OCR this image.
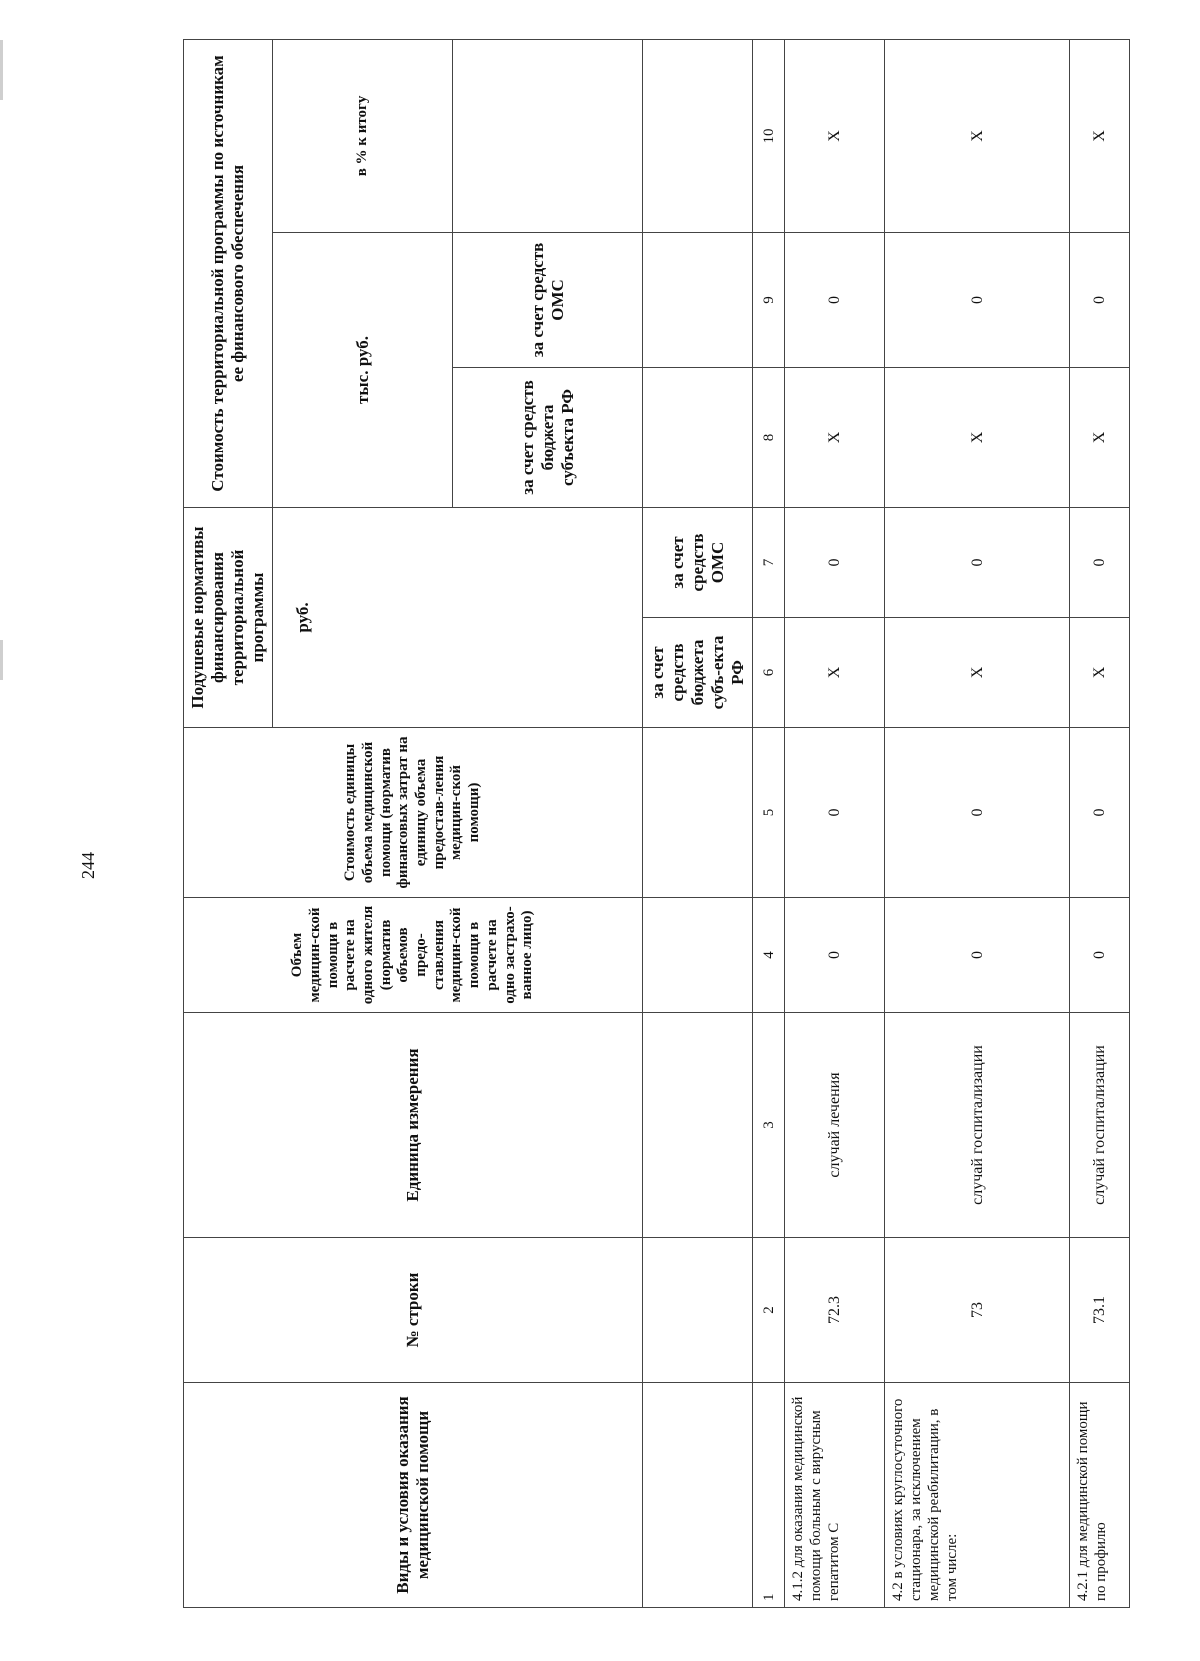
244
Виды и условия оказания медицинской помощи	№ строки	Единица измерения	Объем медицин-ской помощи в расчете на одного жителя (норматив объемов предо-ставления медицин-ской помощи в расчете на одно застрахо-ванное лицо)	Стоимость единицы объема медицинской помощи (норматив финансовых затрат на единицу объема предостав-ления медицин-ской помощи)	Подушевые нормативы финансирования территориальной программы		Стоимость территориальной программы по источникам ее финансового обеспечения		
					руб.		тыс. руб.		в % к итогу
							за счет средств бюджета субъекта РФ	за счет средств ОМС	
					за счет средств бюджета субъ-екта РФ	за счет средств ОМС			
1	2	3	4	5	6	7	8	9	10
4.1.2 для оказания медицинской помощи больным с вирусным гепатитом С	72.3	случай лечения	0	0	X	0	X	0	X
4.2 в условиях круглосуточного стационара, за исключением медицинской реабилитации, в том числе:	73	случай госпитализации	0	0	X	0	X	0	X
4.2.1 для медицинской помощи по профилю	73.1	случай госпитализации	0	0	X	0	X	0	X
